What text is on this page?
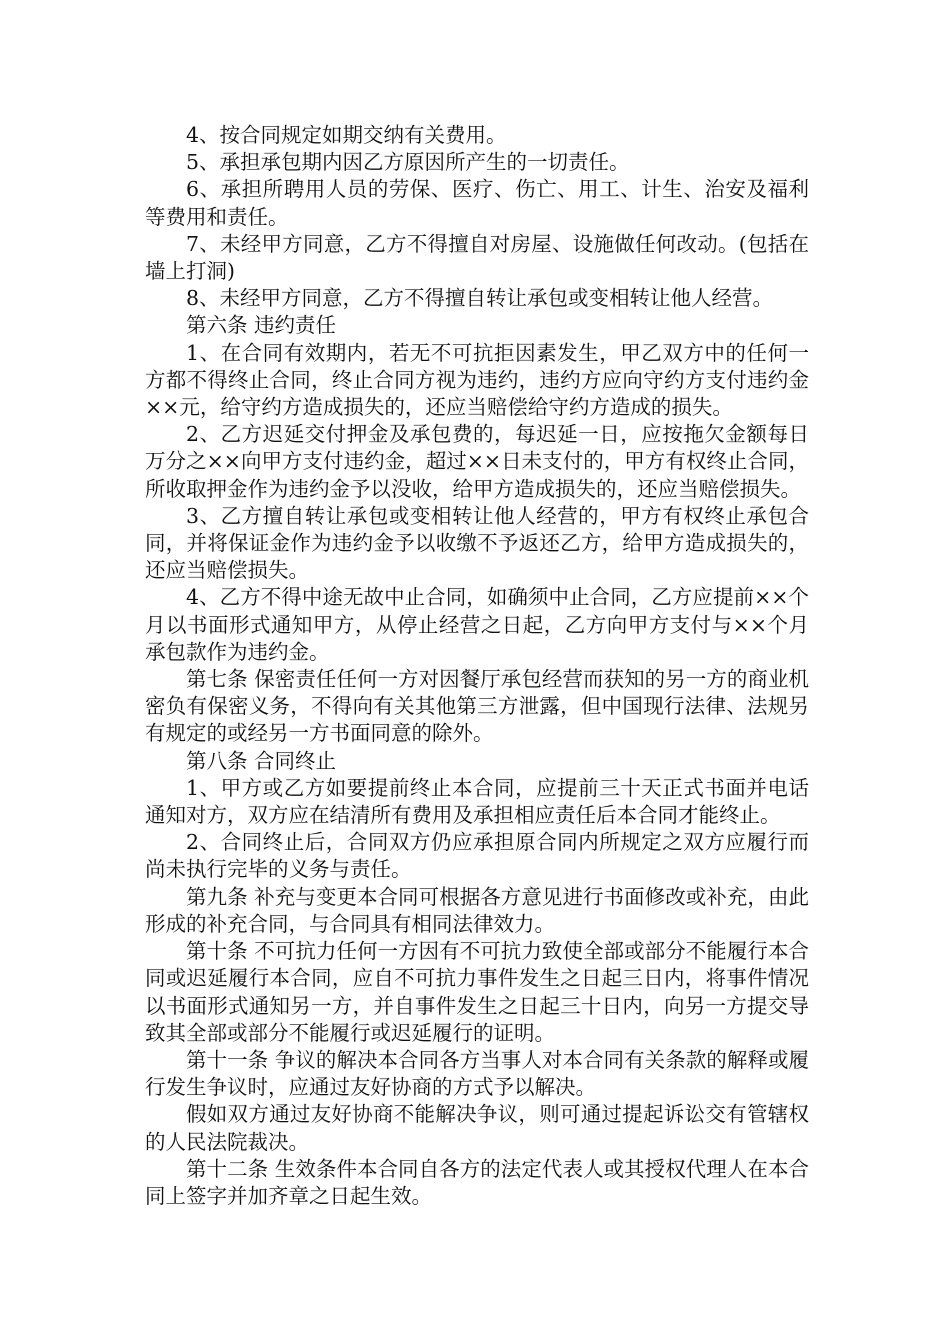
4、按合同规定如期交纳有关费用。

5、承担承包期内因乙方原因所产生的一切责任。

6、承担所聘用人员的劳保、医疗、伤亡、用工、计生、治安及福利等费用和责任。

7、未经甲方同意，乙方不得擅自对房屋、设施做任何改动。(包括在墙上打洞)

8、未经甲方同意，乙方不得擅自转让承包或变相转让他人经营。

第六条 违约责任

1、在合同有效期内，若无不可抗拒因素发生，甲乙双方中的任何一方都不得终止合同，终止合同方视为违约，违约方应向守约方支付违约金××元，给守约方造成损失的，还应当赔偿给守约方造成的损失。

2、乙方迟延交付押金及承包费的，每迟延一日，应按拖欠金额每日万分之××向甲方支付违约金，超过××日未支付的，甲方有权终止合同，所收取押金作为违约金予以没收，给甲方造成损失的，还应当赔偿损失。

3、乙方擅自转让承包或变相转让他人经营的，甲方有权终止承包合同，并将保证金作为违约金予以收缴不予返还乙方，给甲方造成损失的，还应当赔偿损失。

4、乙方不得中途无故中止合同，如确须中止合同，乙方应提前××个月以书面形式通知甲方，从停止经营之日起，乙方向甲方支付与××个月承包款作为违约金。

第七条 保密责任任何一方对因餐厅承包经营而获知的另一方的商业机密负有保密义务，不得向有关其他第三方泄露，但中国现行法律、法规另有规定的或经另一方书面同意的除外。

第八条 合同终止

1、甲方或乙方如要提前终止本合同，应提前三十天正式书面并电话通知对方，双方应在结清所有费用及承担相应责任后本合同才能终止。

2、合同终止后，合同双方仍应承担原合同内所规定之双方应履行而尚未执行完毕的义务与责任。

第九条 补充与变更本合同可根据各方意见进行书面修改或补充，由此形成的补充合同，与合同具有相同法律效力。

第十条 不可抗力任何一方因有不可抗力致使全部或部分不能履行本合同或迟延履行本合同，应自不可抗力事件发生之日起三日内，将事件情况以书面形式通知另一方，并自事件发生之日起三十日内，向另一方提交导致其全部或部分不能履行或迟延履行的证明。

第十一条 争议的解决本合同各方当事人对本合同有关条款的解释或履行发生争议时，应通过友好协商的方式予以解决。

假如双方通过友好协商不能解决争议，则可通过提起诉讼交有管辖权的人民法院裁决。

第十二条 生效条件本合同自各方的法定代表人或其授权代理人在本合同上签字并加齐章之日起生效。
